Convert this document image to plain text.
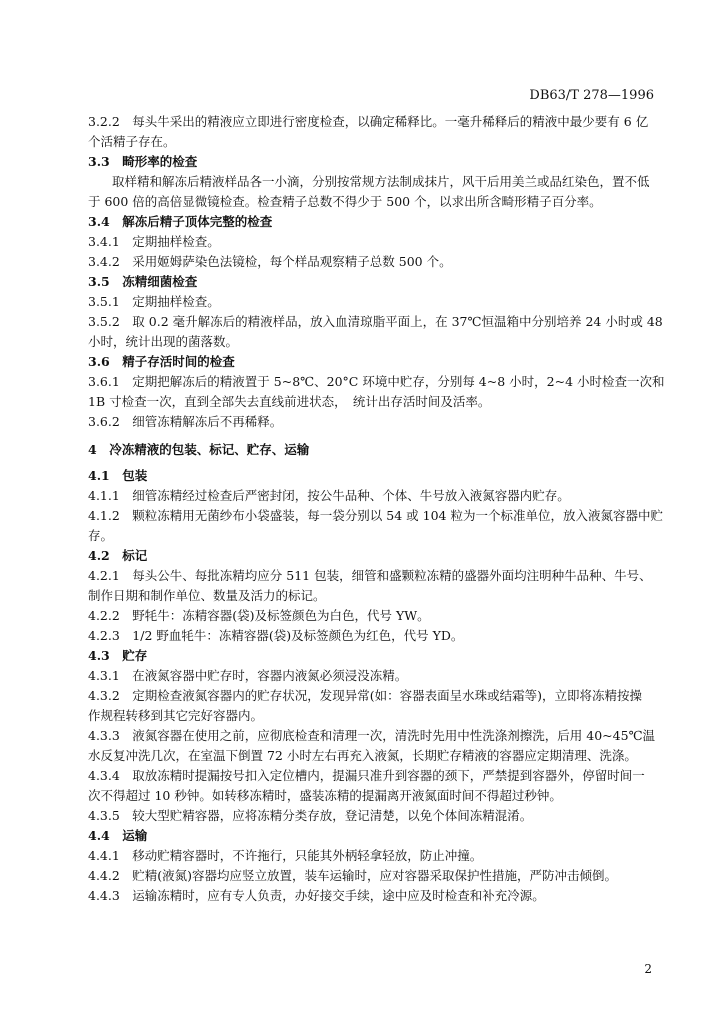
DB63/T 278—1996
3.2.2　每头牛采出的精液应立即进行密度检查，以确定稀释比。一毫升稀释后的精液中最少要有 6 亿
个活精子存在。
3.3　畸形率的检查
取样精和解冻后精液样品各一小滴，分别按常规方法制成抹片，风干后用美兰或品红染色，置不低
于 600 倍的高倍显微镜检查。检查精子总数不得少于 500 个，以求出所含畸形精子百分率。
3.4　解冻后精子顶体完整的检查
3.4.1　定期抽样检查。
3.4.2　采用姬姆萨染色法镜检，每个样品观察精子总数 500 个。
3.5　冻精细菌检查
3.5.1　定期抽样检查。
3.5.2　取 0.2 毫升解冻后的精液样品，放入血清琼脂平面上，在 37℃恒温箱中分别培养 24 小时或 48
小时，统计出现的菌落数。
3.6　精子存活时间的检查
3.6.1　定期把解冻后的精液置于 5~8℃、20°C 环境中贮存，分别每 4~8 小时，2~4 小时检查一次和
1B 寸检查一次，直到全部失去直线前进状态，　统计出存活时间及活率。
3.6.2　细管冻精解冻后不再稀释。
4　冷冻精液的包装、标记、贮存、运输
4.1　包装
4.1.1　细管冻精经过检查后严密封闭，按公牛品种、个体、牛号放入液氮容器内贮存。
4.1.2　颗粒冻精用无菌纱布小袋盛装，每一袋分别以 54 或 104 粒为一个标准单位，放入液氮容器中贮
存。
4.2　标记
4.2.1　每头公牛、每批冻精均应分 511 包装，细管和盛颗粒冻精的盛器外面均注明种牛品种、牛号、
制作日期和制作单位、数量及活力的标记。
4.2.2　野牦牛：冻精容器(袋)及标签颜色为白色，代号 YW。
4.2.3　1/2 野血牦牛：冻精容器(袋)及标签颜色为红色，代号 YD。
4.3　贮存
4.3.1　在液氮容器中贮存时，容器内液氮必须浸没冻精。
4.3.2　定期检查液氮容器内的贮存状况，发现异常(如：容器表面呈水珠或结霜等)，立即将冻精按操
作规程转移到其它完好容器内。
4.3.3　液氮容器在使用之前，应彻底检查和清理一次，清洗时先用中性洗涤剂擦洗，后用 40~45℃温
水反复冲洗几次，在室温下倒置 72 小时左右再充入液氮，长期贮存精液的容器应定期清理、洗涤。
4.3.4　取放冻精时提漏按号扣入定位槽内，提漏只准升到容器的颈下，严禁提到容器外，停留时间一
次不得超过 10 秒钟。如转移冻精时，盛装冻精的提漏离开液氮面时间不得超过秒钟。
4.3.5　较大型贮精容器，应将冻精分类存放，登记清楚，以免个体间冻精混淆。
4.4　运输
4.4.1　移动贮精容器时，不许拖行，只能其外柄轻拿轻放，防止冲撞。
4.4.2　贮精(液氮)容器均应竖立放置，装车运输时，应对容器采取保护性措施，严防冲击倾倒。
4.4.3　运输冻精时，应有专人负责，办好接交手续，途中应及时检查和补充冷源。
2
